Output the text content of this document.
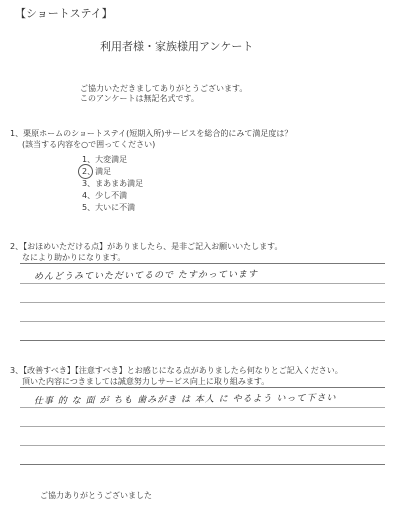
【ショートステイ】
利用者様・家族様用アンケート
ご協力いただきましてありがとうございます。
このアンケートは無記名式です。
1、栗原ホームのショートステイ(短期入所)サービスを総合的にみて満足度は？
(該当する内容を○で囲ってください)
1、大変満足
2、満足
3、まあまあ満足
4、少し不満
5、大いに不満
2、【おほめいただける点】がありましたら、是非ご記入お願いいたします。
なにより助かりになります。
めんどうみていただいてるので たすかっています
3、【改善すべき】【注意すべき】とお感じになる点がありましたら何なりとご記入ください。
頂いた内容につきましては誠意努力しサービス向上に取り組みます。
仕事 的 な 面 が ちも 歯みがき は 本人 に やるよう いって下さい
ご協力ありがとうございました
